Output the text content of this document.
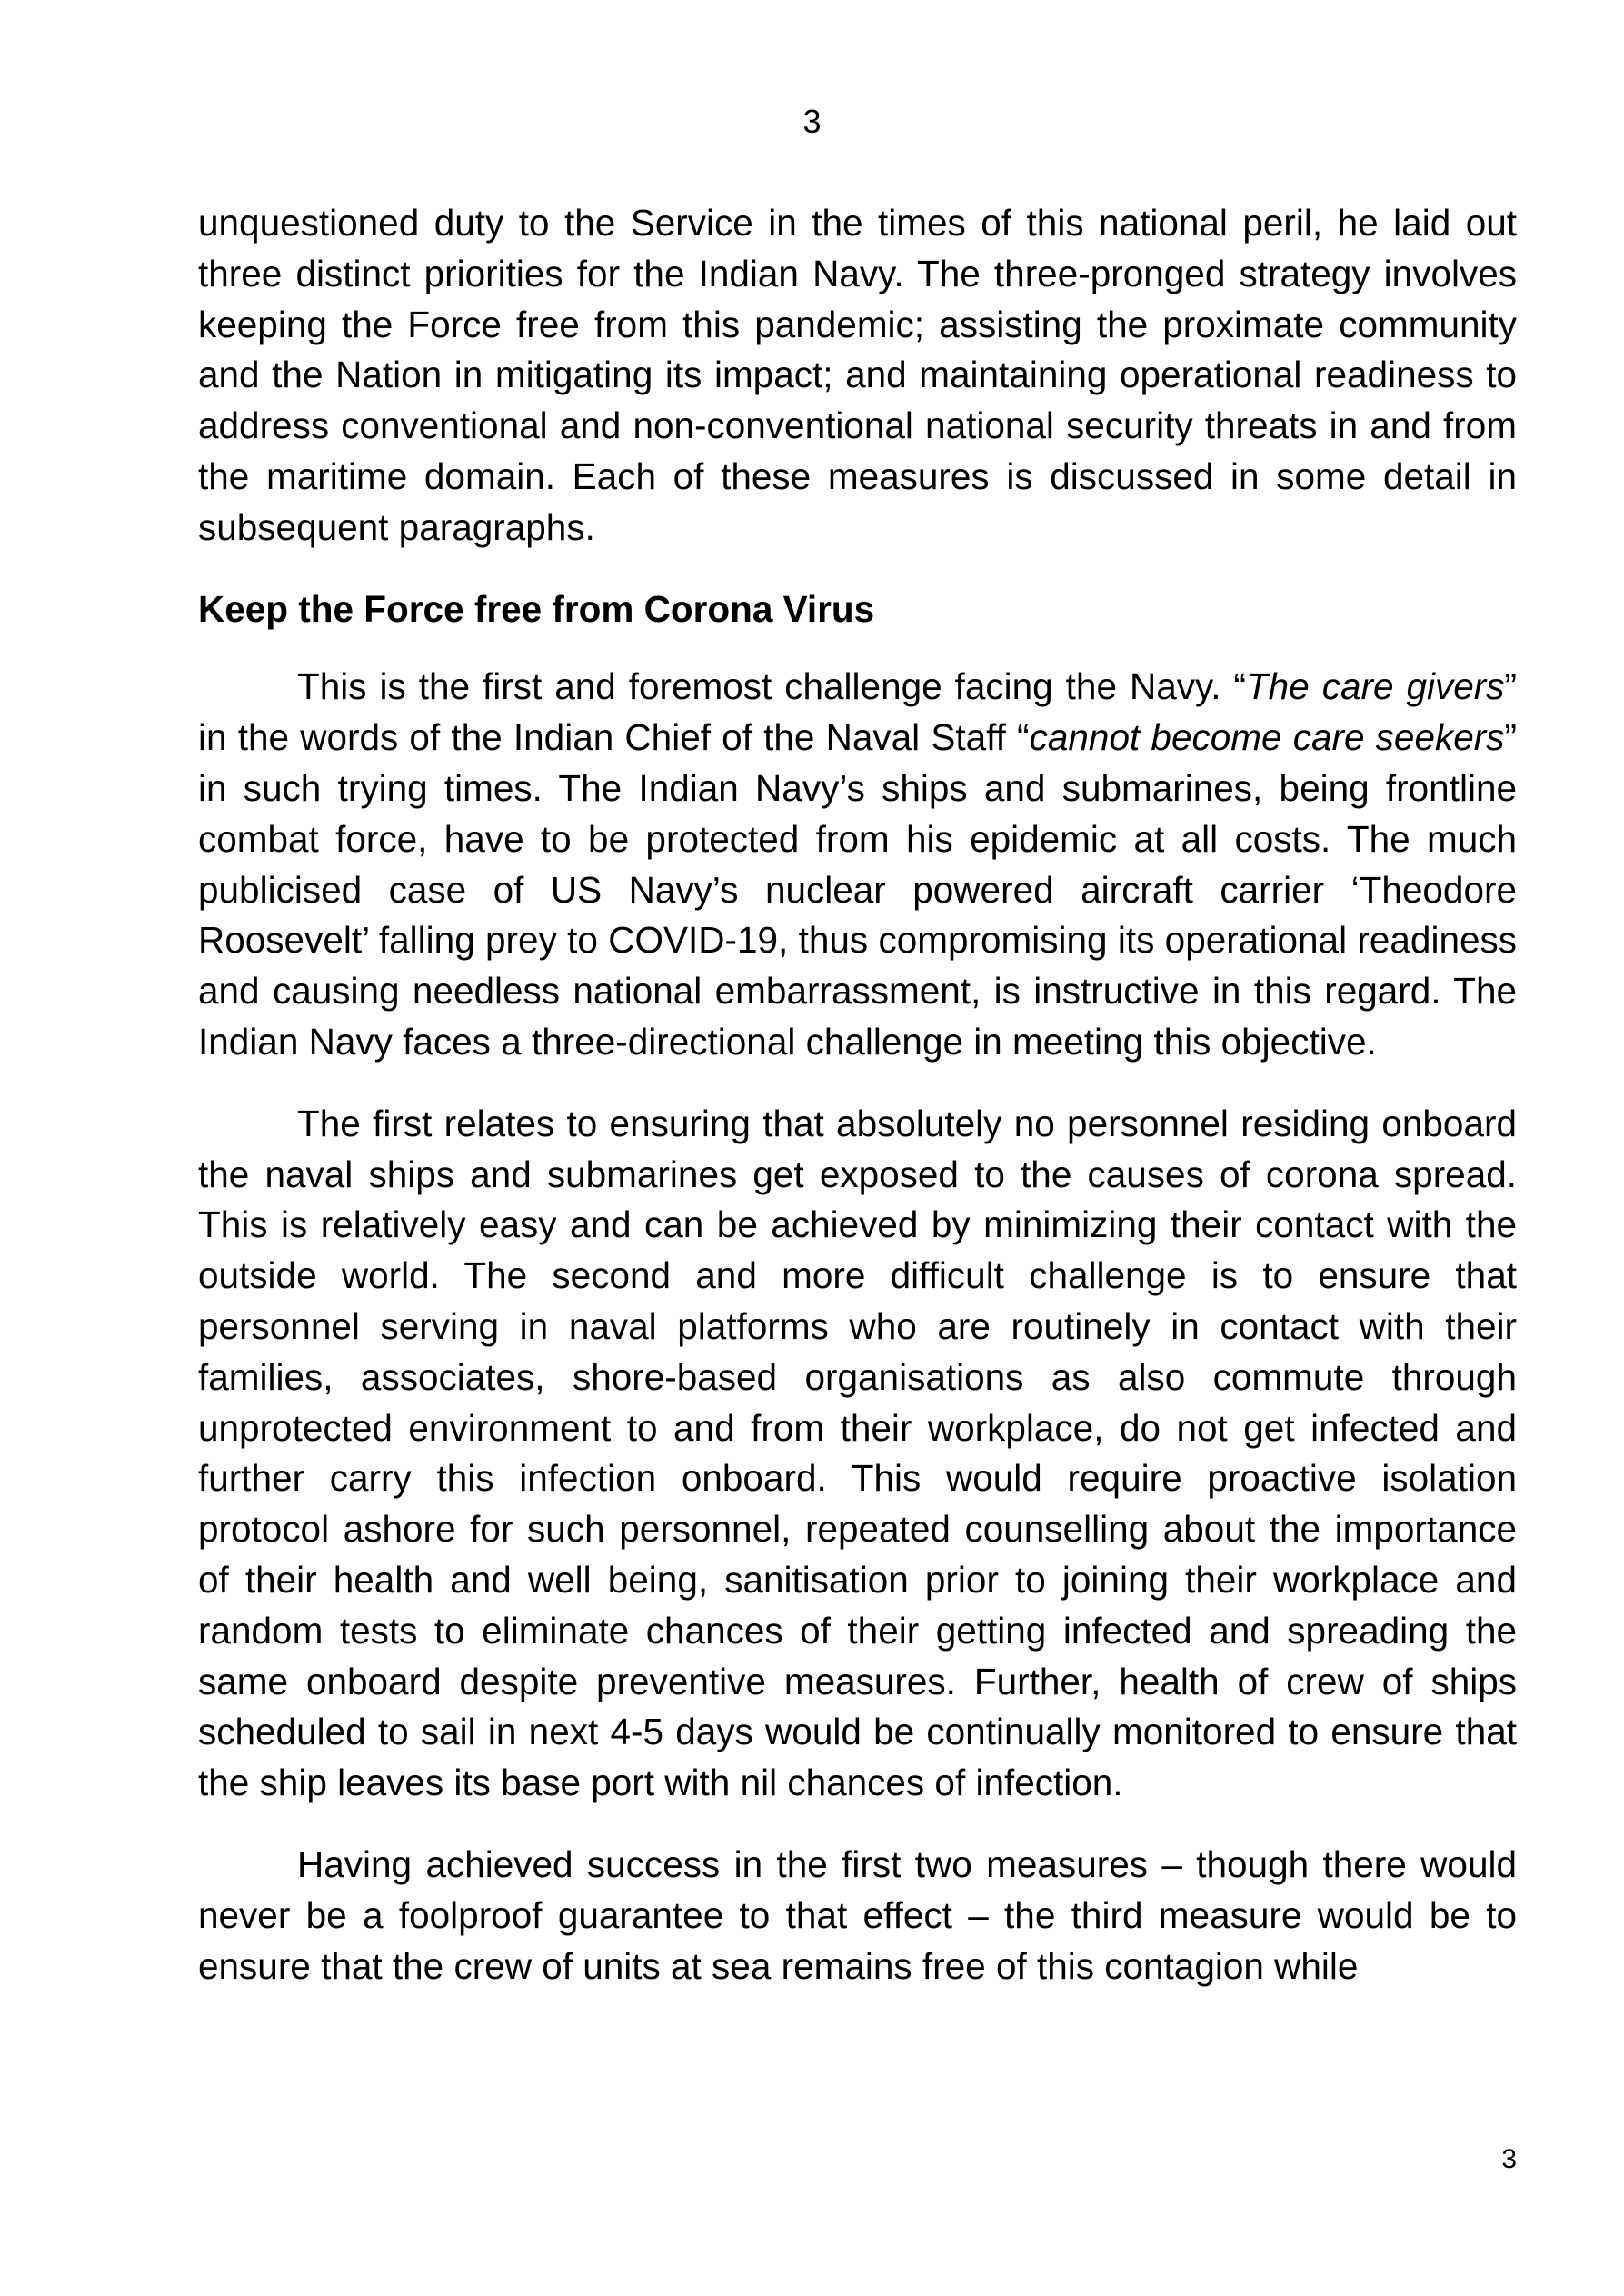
3

unquestioned duty to the Service in the times of this national peril, he laid out three distinct priorities for the Indian Navy. The three-pronged strategy involves keeping the Force free from this pandemic; assisting the proximate community and the Nation in mitigating its impact; and maintaining operational readiness to address conventional and non-conventional national security threats in and from the maritime domain. Each of these measures is discussed in some detail in subsequent paragraphs.

Keep the Force free from Corona Virus

This is the first and foremost challenge facing the Navy. “The care givers” in the words of the Indian Chief of the Naval Staff “cannot become care seekers” in such trying times. The Indian Navy’s ships and submarines, being frontline combat force, have to be protected from his epidemic at all costs. The much publicised case of US Navy’s nuclear powered aircraft carrier ‘Theodore Roosevelt’ falling prey to COVID-19, thus compromising its operational readiness and causing needless national embarrassment, is instructive in this regard. The Indian Navy faces a three-directional challenge in meeting this objective.

The first relates to ensuring that absolutely no personnel residing onboard the naval ships and submarines get exposed to the causes of corona spread. This is relatively easy and can be achieved by minimizing their contact with the outside world. The second and more difficult challenge is to ensure that personnel serving in naval platforms who are routinely in contact with their families, associates, shore-based organisations as also commute through unprotected environment to and from their workplace, do not get infected and further carry this infection onboard. This would require proactive isolation protocol ashore for such personnel, repeated counselling about the importance of their health and well being, sanitisation prior to joining their workplace and random tests to eliminate chances of their getting infected and spreading the same onboard despite preventive measures. Further, health of crew of ships scheduled to sail in next 4-5 days would be continually monitored to ensure that the ship leaves its base port with nil chances of infection.

Having achieved success in the first two measures – though there would never be a foolproof guarantee to that effect – the third measure would be to ensure that the crew of units at sea remains free of this contagion while

3
